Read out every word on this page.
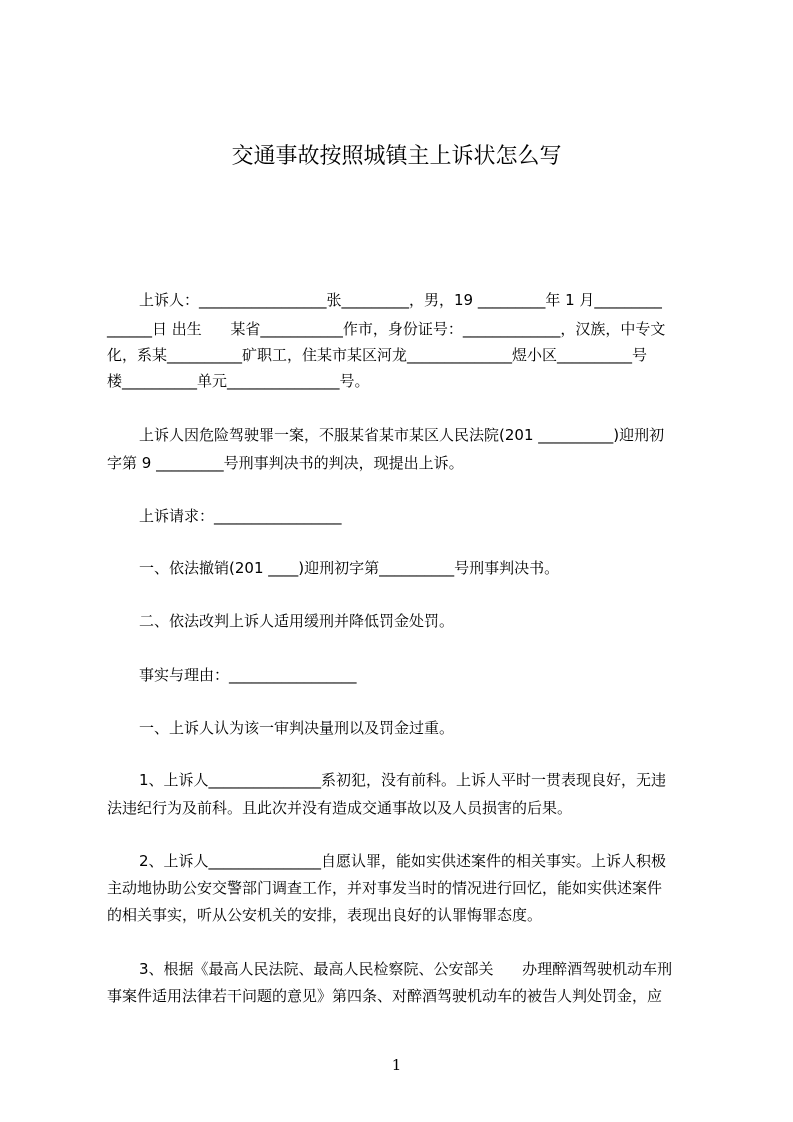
交通事故按照城镇主上诉状怎么写
上诉人：_________________张_________，男，19 _________年 1 月_________
______日 出生      某省___________作市，身份证号：_____________，汉族，中专文
化，系某__________矿职工，住某市某区河龙______________煜小区__________号
楼__________单元_______________号。
上诉人因危险驾驶罪一案，不服某省某市某区人民法院(201 __________)迎刑初
字第 9 _________号刑事判决书的判决，现提出上诉。
上诉请求：_________________
一、依法撤销(201 ____)迎刑初字第__________号刑事判决书。
二、依法改判上诉人适用缓刑并降低罚金处罚。
事实与理由：_________________
一、上诉人认为该一审判决量刑以及罚金过重。
1、上诉人_______________系初犯，没有前科。上诉人平时一贯表现良好，无违
法违纪行为及前科。且此次并没有造成交通事故以及人员损害的后果。
2、上诉人_______________自愿认罪，能如实供述案件的相关事实。上诉人积极
主动地协助公安交警部门调查工作，并对事发当时的情况进行回忆，能如实供述案件
的相关事实，听从公安机关的安排，表现出良好的认罪悔罪态度。
3、根据《最高人民法院、最高人民检察院、公安部关      办理醉酒驾驶机动车刑
事案件适用法律若干问题的意见》第四条、对醉酒驾驶机动车的被告人判处罚金，应
1
